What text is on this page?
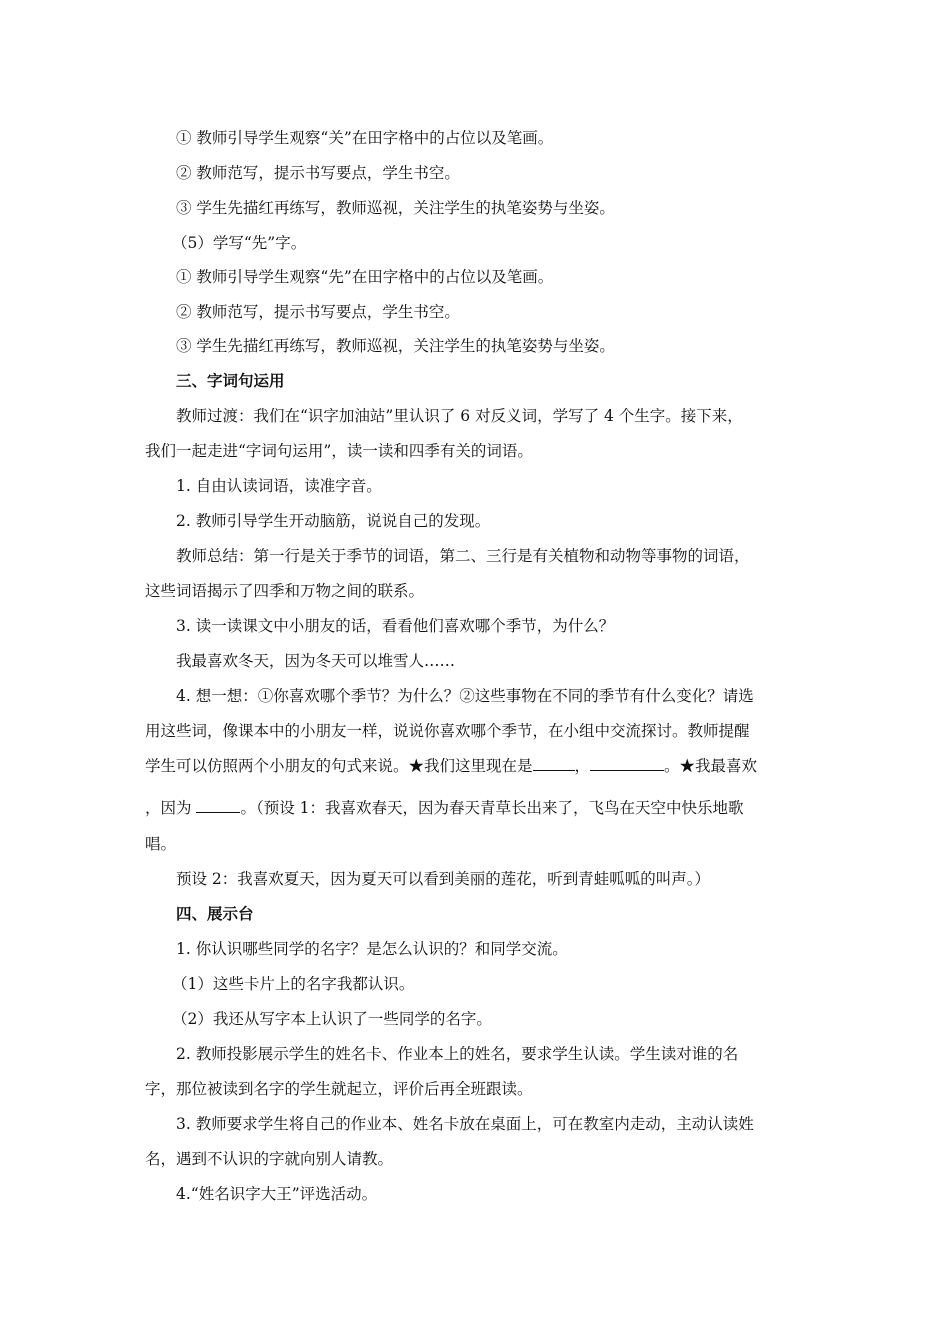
① 教师引导学生观察“关”在田字格中的占位以及笔画。
② 教师范写，提示书写要点，学生书空。
③ 学生先描红再练写，教师巡视，关注学生的执笔姿势与坐姿。
（5）学写“先”字。
① 教师引导学生观察“先”在田字格中的占位以及笔画。
② 教师范写，提示书写要点，学生书空。
③ 学生先描红再练写，教师巡视，关注学生的执笔姿势与坐姿。
三、字词句运用
教师过渡：我们在“识字加油站”里认识了 6 对反义词，学写了 4 个生字。接下来，
我们一起走进“字词句运用”，读一读和四季有关的词语。
1. 自由认读词语，读准字音。
2. 教师引导学生开动脑筋，说说自己的发现。
教师总结：第一行是关于季节的词语，第二、三行是有关植物和动物等事物的词语，
这些词语揭示了四季和万物之间的联系。
3. 读一读课文中小朋友的话，看看他们喜欢哪个季节，为什么？
我最喜欢冬天，因为冬天可以堆雪人……
4. 想一想：①你喜欢哪个季节？为什么？②这些事物在不同的季节有什么变化？请选
用这些词，像课本中的小朋友一样，说说你喜欢哪个季节，在小组中交流探讨。教师提醒
学生可以仿照两个小朋友的句式来说。★我们这里现在是	，	。★我最喜欢
，因为	。（预设 1：我喜欢春天，因为春天青草长出来了，飞鸟在天空中快乐地歌
唱。
预设 2：我喜欢夏天，因为夏天可以看到美丽的莲花，听到青蛙呱呱的叫声。）
四、展示台
1. 你认识哪些同学的名字？是怎么认识的？和同学交流。
（1）这些卡片上的名字我都认识。
（2）我还从写字本上认识了一些同学的名字。
2. 教师投影展示学生的姓名卡、作业本上的姓名，要求学生认读。学生读对谁的名
字，那位被读到名字的学生就起立，评价后再全班跟读。
3. 教师要求学生将自己的作业本、姓名卡放在桌面上，可在教室内走动，主动认读姓
名，遇到不认识的字就向别人请教。
4.“姓名识字大王”评选活动。
